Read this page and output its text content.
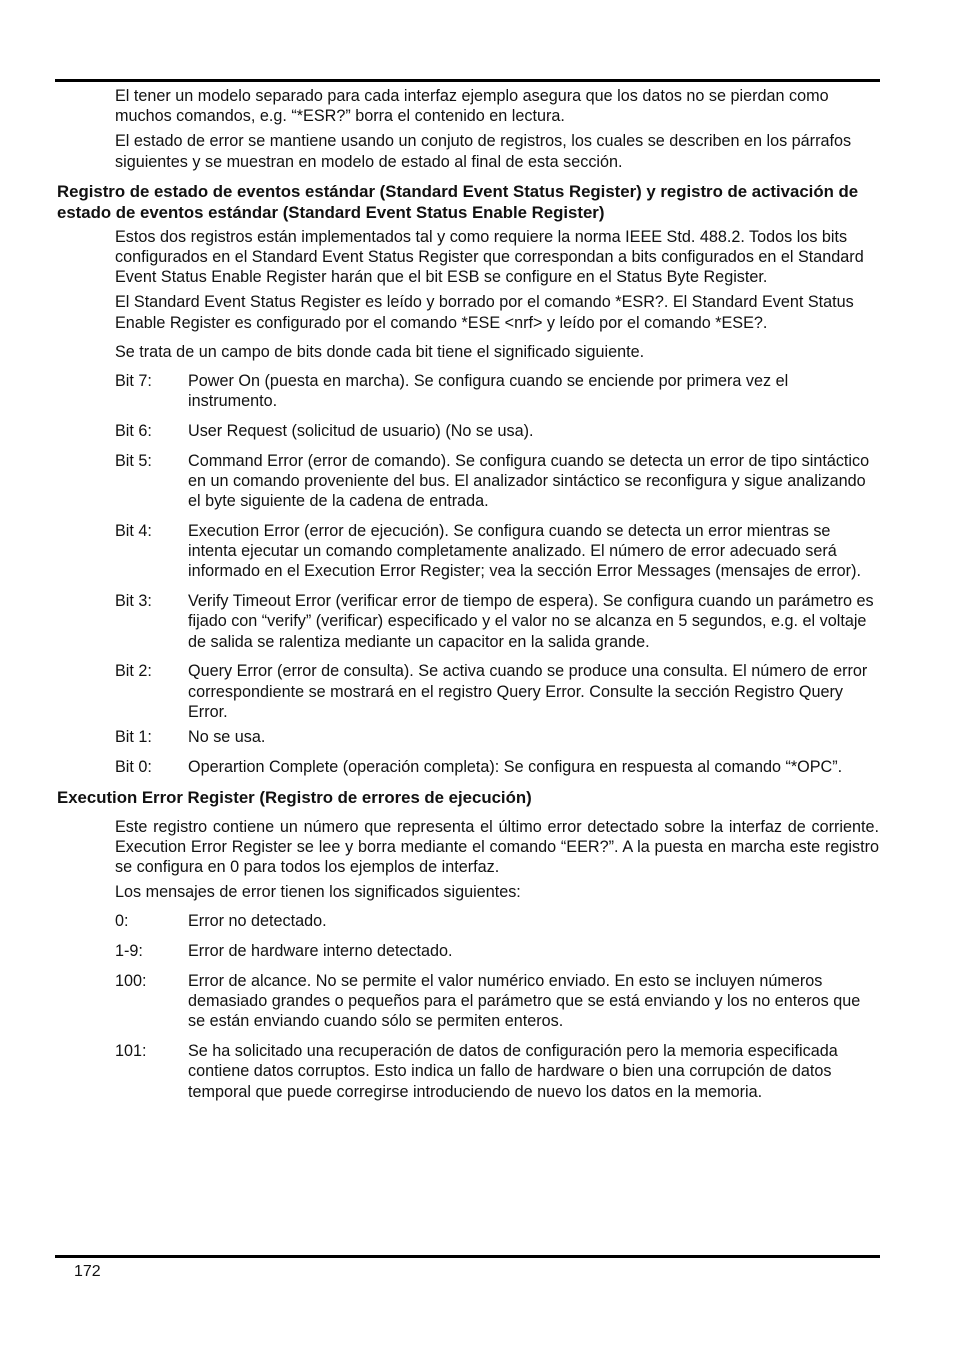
El tener un modelo separado para cada interfaz ejemplo asegura que los datos no se pierdan como muchos comandos, e.g. “*ESR?” borra el contenido en lectura.

El estado de error se mantiene usando un conjuto de registros, los cuales se describen en los párrafos siguientes y se muestran en modelo de estado al final de esta sección.

Registro de estado de eventos estándar (Standard Event Status Register) y registro de activación de estado de eventos estándar (Standard Event Status Enable Register)

Estos dos registros están implementados tal y como requiere la norma IEEE Std. 488.2. Todos los bits configurados en el Standard Event Status Register que correspondan a bits configurados en el Standard Event Status Enable Register harán que el bit ESB se configure en el Status Byte Register.

El Standard Event Status Register es leído y borrado por el comando *ESR?. El Standard Event Status Enable Register es configurado por el comando *ESE <nrf> y leído por el comando *ESE?.

Se trata de un campo de bits donde cada bit tiene el significado siguiente.

Bit 7:	Power On (puesta en marcha). Se configura cuando se enciende por primera vez el instrumento.
Bit 6:	User Request (solicitud de usuario) (No se usa).
Bit 5:	Command Error (error de comando). Se configura cuando se detecta un error de tipo sintáctico en un comando proveniente del bus. El analizador sintáctico se reconfigura y sigue analizando el byte siguiente de la cadena de entrada.
Bit 4:	Execution Error (error de ejecución). Se configura cuando se detecta un error mientras se intenta ejecutar un comando completamente analizado. El número de error adecuado será informado en el Execution Error Register; vea la sección Error Messages (mensajes de error).
Bit 3:	Verify Timeout Error (verificar error de tiempo de espera). Se configura cuando un parámetro es fijado con “verify” (verificar) especificado y el valor no se alcanza en 5 segundos, e.g. el voltaje de salida se ralentiza mediante un capacitor en la salida grande.
Bit 2:	Query Error (error de consulta). Se activa cuando se produce una consulta. El número de error correspondiente se mostrará en el registro Query Error. Consulte la sección Registro Query Error.
Bit 1:	No se usa.
Bit 0:	Operartion Complete (operación completa): Se configura en respuesta al comando “*OPC”.
Execution Error Register (Registro de errores de ejecución)

Este registro contiene un número que representa el último error detectado sobre la interfaz de corriente. Execution Error Register se lee y borra mediante el comando “EER?”. A la puesta en marcha este registro se configura en 0 para todos los ejemplos de interfaz.

Los mensajes de error tienen los significados siguientes:

0:	Error no detectado.
1-9:	Error de hardware interno detectado.
100:	Error de alcance. No se permite el valor numérico enviado. En esto se incluyen números demasiado grandes o pequeños para el parámetro que se está enviando y los no enteros que se están enviando cuando sólo se permiten enteros.
101:	Se ha solicitado una recuperación de datos de configuración pero la memoria especificada contiene datos corruptos. Esto indica un fallo de hardware o bien una corrupción de datos temporal que puede corregirse introduciendo de nuevo los datos en la memoria.
172
